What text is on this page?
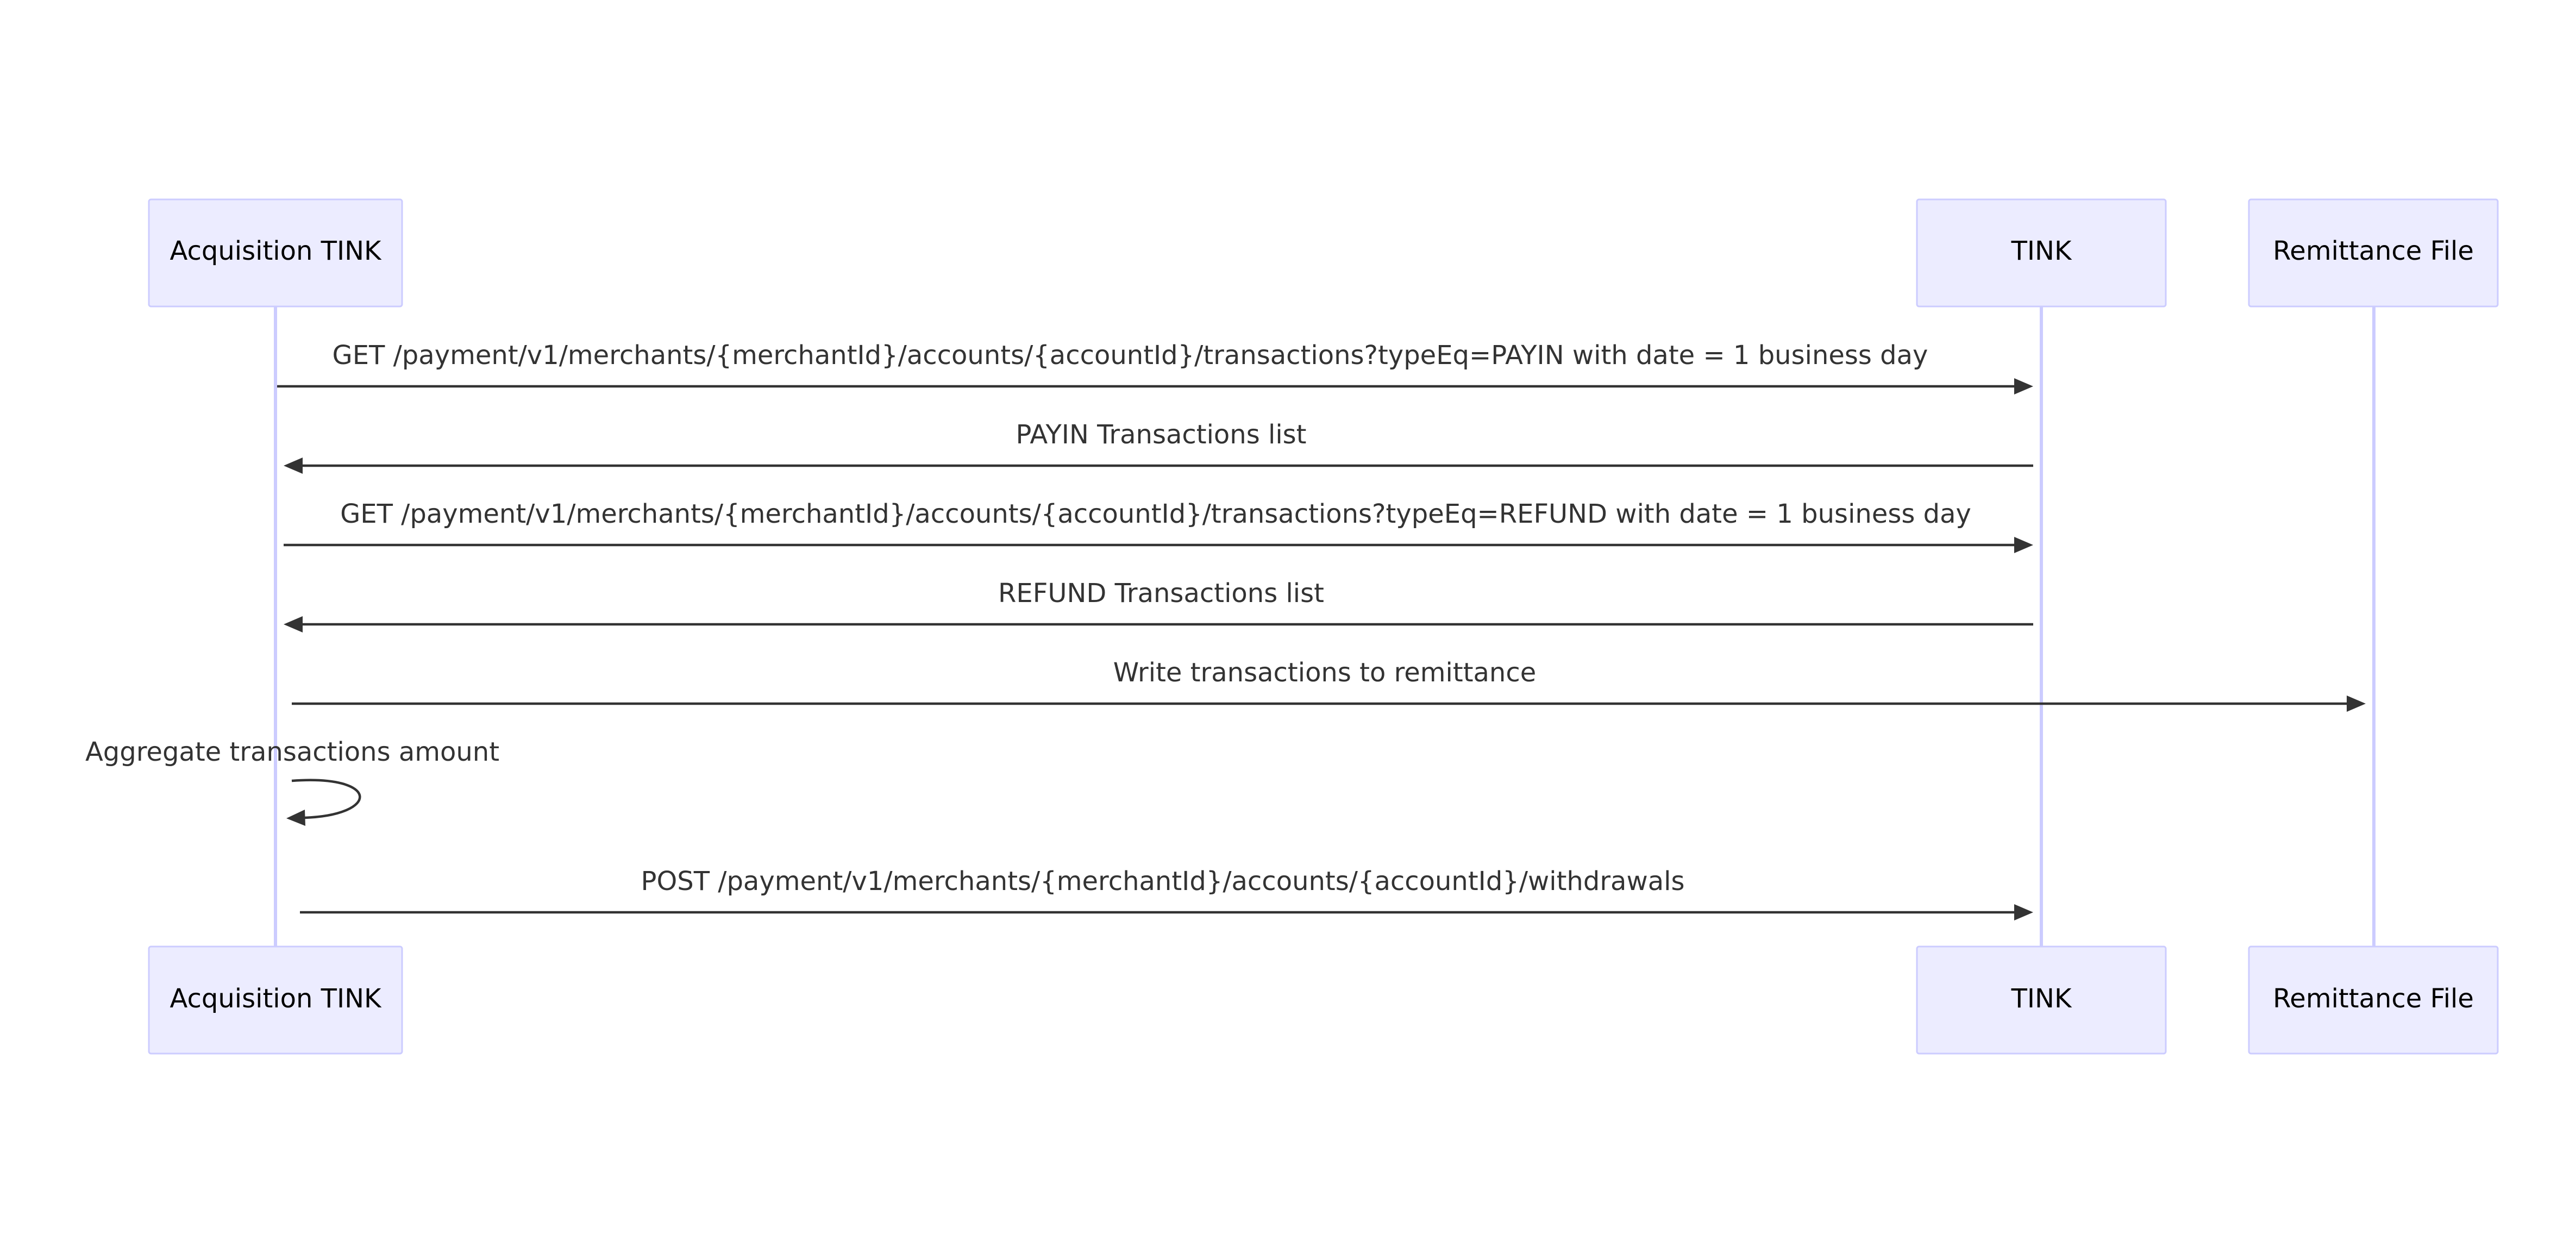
Acquisition TINK	TINK	Remittance File
Acquisition TINK	TINK	Remittance File
GET /payment/v1/merchants/{merchantId}/accounts/{accountId}/transactions?typeEq=PAYIN with date = 1 business day
PAYIN Transactions list
GET /payment/v1/merchants/{merchantId}/accounts/{accountId}/transactions?typeEq=REFUND with date = 1 business day
REFUND Transactions list
Write transactions to remittance
Aggregate transactions amount
POST /payment/v1/merchants/{merchantId}/accounts/{accountId}/withdrawals
